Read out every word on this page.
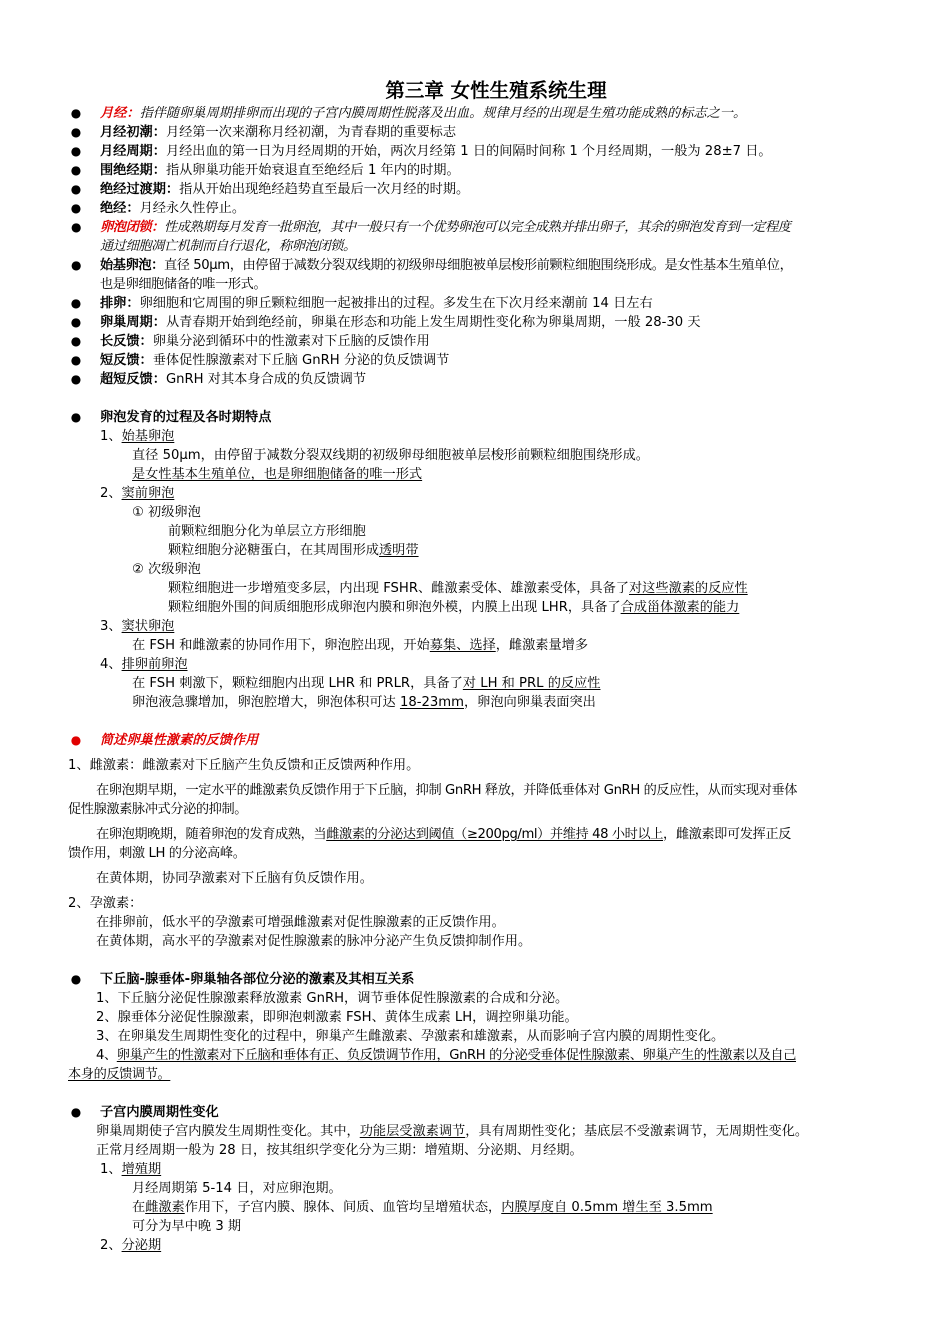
第三章 女性生殖系统生理
● 月经：指伴随卵巢周期排卵而出现的子宫内膜周期性脱落及出血。规律月经的出现是生殖功能成熟的标志之一。
● 月经初潮：月经第一次来潮称月经初潮，为青春期的重要标志
● 月经周期：月经出血的第一日为月经周期的开始，两次月经第 1 日的间隔时间称 1 个月经周期，一般为 28±7 日。
● 围绝经期：指从卵巢功能开始衰退直至绝经后 1 年内的时期。
● 绝经过渡期：指从开始出现绝经趋势直至最后一次月经的时期。
● 绝经：月经永久性停止。
● 卵泡闭锁：性成熟期每月发育一批卵泡，其中一般只有一个优势卵泡可以完全成熟并排出卵子，其余的卵泡发育到一定程度
通过细胞凋亡机制而自行退化，称卵泡闭锁。
● 始基卵泡：直径 50μm，由停留于减数分裂双线期的初级卵母细胞被单层梭形前颗粒细胞围绕形成。是女性基本生殖单位，
也是卵细胞储备的唯一形式。
● 排卵：卵细胞和它周围的卵丘颗粒细胞一起被排出的过程。多发生在下次月经来潮前 14 日左右
● 卵巢周期：从青春期开始到绝经前，卵巢在形态和功能上发生周期性变化称为卵巢周期，一般 28-30 天
● 长反馈：卵巢分泌到循环中的性激素对下丘脑的反馈作用
● 短反馈：垂体促性腺激素对下丘脑 GnRH 分泌的负反馈调节
● 超短反馈：GnRH 对其本身合成的负反馈调节
● 卵泡发育的过程及各时期特点
1、始基卵泡
直径 50μm，由停留于减数分裂双线期的初级卵母细胞被单层梭形前颗粒细胞围绕形成。
是女性基本生殖单位，也是卵细胞储备的唯一形式
2、窦前卵泡
① 初级卵泡
前颗粒细胞分化为单层立方形细胞
颗粒细胞分泌糖蛋白，在其周围形成透明带
② 次级卵泡
颗粒细胞进一步增殖变多层，内出现 FSHR、雌激素受体、雄激素受体，具备了对这些激素的反应性
颗粒细胞外围的间质细胞形成卵泡内膜和卵泡外模，内膜上出现 LHR，具备了合成甾体激素的能力
3、窦状卵泡
在 FSH 和雌激素的协同作用下，卵泡腔出现，开始募集、选择，雌激素量增多
4、排卵前卵泡
在 FSH 刺激下，颗粒细胞内出现 LHR 和 PRLR，具备了对 LH 和 PRL 的反应性
卵泡液急骤增加，卵泡腔增大，卵泡体积可达 18-23mm，卵泡向卵巢表面突出
● 简述卵巢性激素的反馈作用
1、雌激素：雌激素对下丘脑产生负反馈和正反馈两种作用。
在卵泡期早期，一定水平的雌激素负反馈作用于下丘脑，抑制 GnRH 释放，并降低垂体对 GnRH 的反应性，从而实现对垂体
促性腺激素脉冲式分泌的抑制。
在卵泡期晚期，随着卵泡的发育成熟，当雌激素的分泌达到阈值（≥200pg/ml）并维持 48 小时以上，雌激素即可发挥正反
馈作用，刺激 LH 的分泌高峰。
在黄体期，协同孕激素对下丘脑有负反馈作用。
2、孕激素：
在排卵前，低水平的孕激素可增强雌激素对促性腺激素的正反馈作用。
在黄体期，高水平的孕激素对促性腺激素的脉冲分泌产生负反馈抑制作用。
● 下丘脑-腺垂体-卵巢轴各部位分泌的激素及其相互关系
1、下丘脑分泌促性腺激素释放激素 GnRH，调节垂体促性腺激素的合成和分泌。
2、腺垂体分泌促性腺激素，即卵泡刺激素 FSH、黄体生成素 LH，调控卵巢功能。
3、在卵巢发生周期性变化的过程中，卵巢产生雌激素、孕激素和雄激素，从而影响子宫内膜的周期性变化。
4、卵巢产生的性激素对下丘脑和垂体有正、负反馈调节作用，GnRH 的分泌受垂体促性腺激素、卵巢产生的性激素以及自己
本身的反馈调节。
● 子宫内膜周期性变化
卵巢周期使子宫内膜发生周期性变化。其中，功能层受激素调节，具有周期性变化；基底层不受激素调节，无周期性变化。
正常月经周期一般为 28 日，按其组织学变化分为三期：增殖期、分泌期、月经期。
1、增殖期
月经周期第 5-14 日，对应卵泡期。
在雌激素作用下，子宫内膜、腺体、间质、血管均呈增殖状态，内膜厚度自 0.5mm 增生至 3.5mm
可分为早中晚 3 期
2、分泌期
